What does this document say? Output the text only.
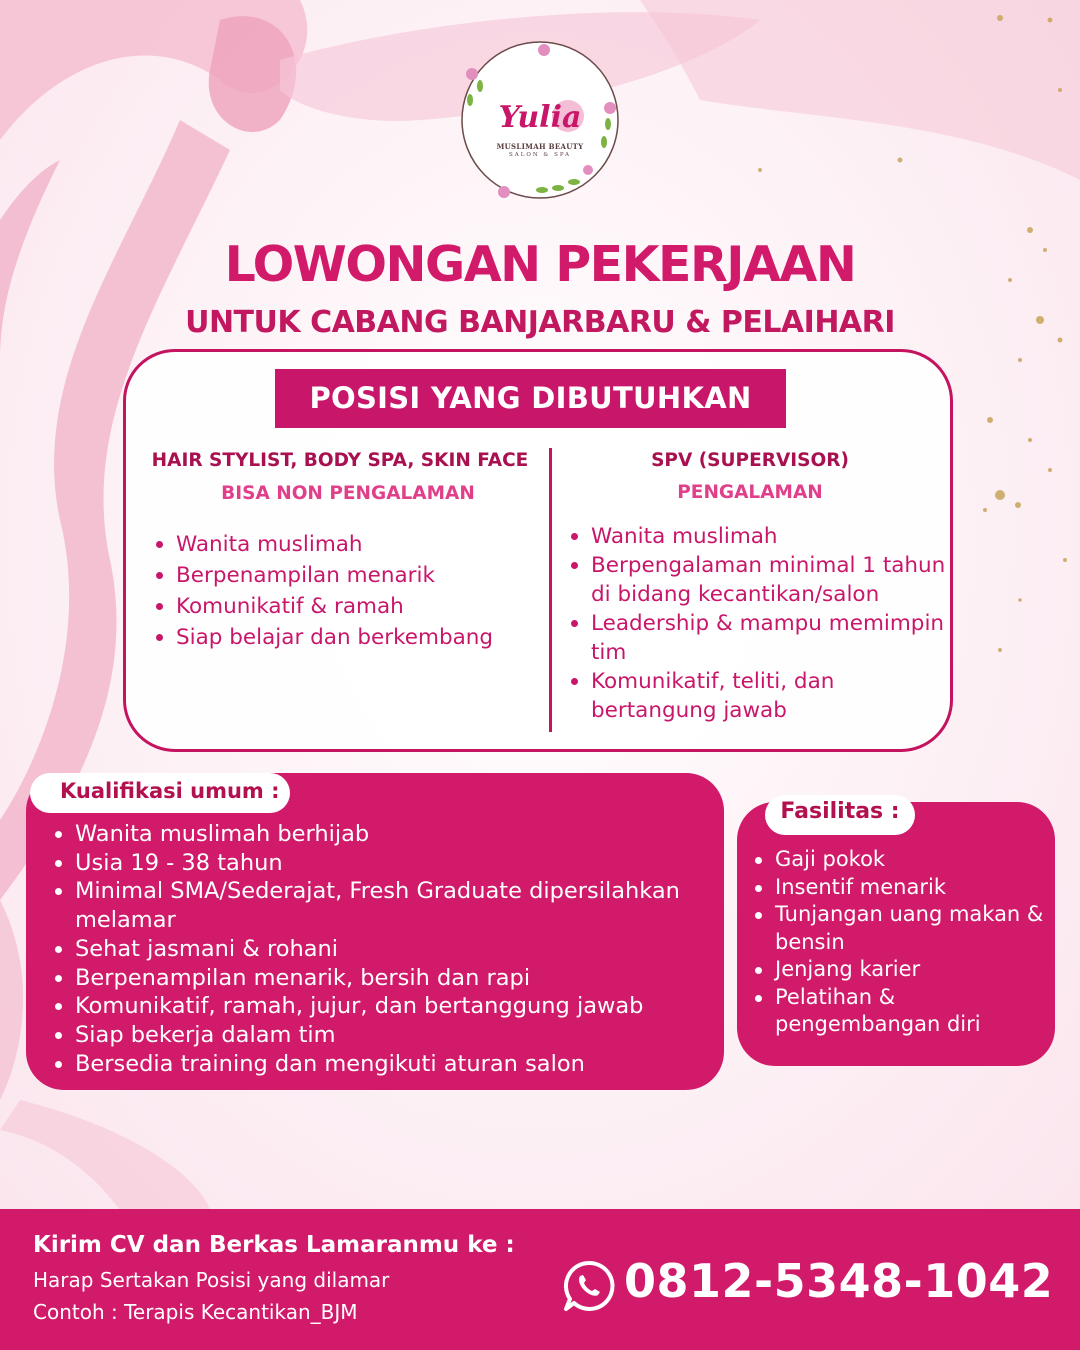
Yulia
MUSLIMAH BEAUTY
SALON & SPA
LOWONGAN PEKERJAAN
UNTUK CABANG BANJARBARU & PELAIHARI
POSISI YANG DIBUTUHKAN
HAIR STYLIST, BODY SPA, SKIN FACE
BISA NON PENGALAMAN
Wanita muslimah
Berpenampilan menarik
Komunikatif & ramah
Siap belajar dan berkembang
SPV (SUPERVISOR)
PENGALAMAN
Wanita muslimah
Berpengalaman minimal 1 tahun di bidang kecantikan/salon
Leadership & mampu memimpin tim
Komunikatif, teliti, dan bertangung jawab
Kualifikasi umum :
Wanita muslimah berhijab
Usia 19 - 38 tahun
Minimal SMA/Sederajat, Fresh Graduate dipersilahkan melamar
Sehat jasmani & rohani
Berpenampilan menarik, bersih dan rapi
Komunikatif, ramah, jujur, dan bertanggung jawab
Siap bekerja dalam tim
Bersedia training dan mengikuti aturan salon
Fasilitas :
Gaji pokok
Insentif menarik
Tunjangan uang makan & bensin
Jenjang karier
Pelatihan & pengembangan diri
Kirim CV dan Berkas Lamaranmu ke :
Harap Sertakan Posisi yang dilamar
Contoh : Terapis Kecantikan_BJM
0812-5348-1042
